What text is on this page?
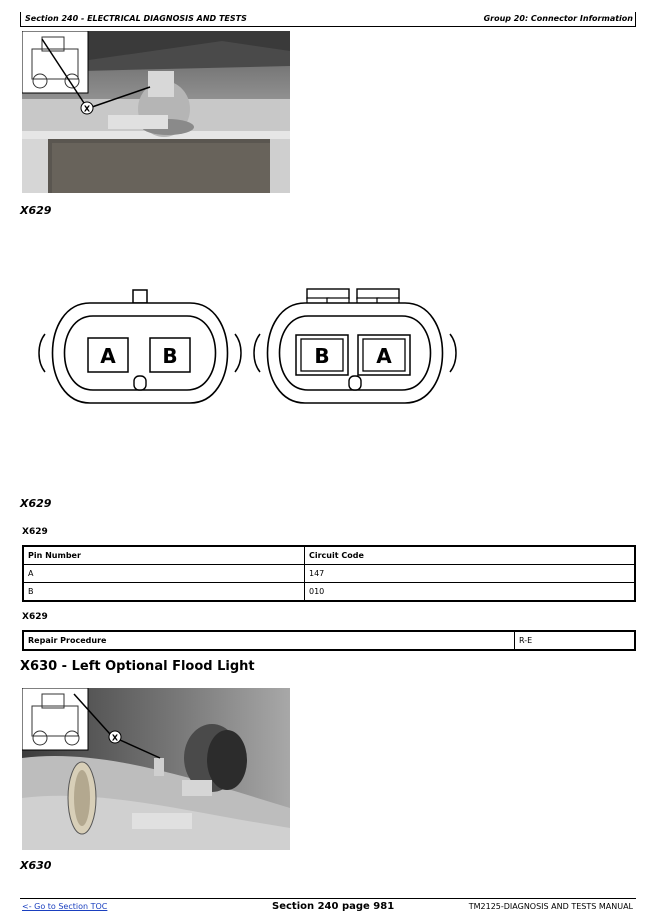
Section 240 - ELECTRICAL DIAGNOSIS AND TESTS	Group 20: Connector Information
X
X629
A B	B A
X629
X629
Pin Number	Circuit Code
A	147
B	010
X629
Repair Procedure	R-E
X630 - Left Optional Flood Light
X
X630
<- Go to Section TOC	Section 240 page 981	TM2125-DIAGNOSIS AND TESTS MANUAL
